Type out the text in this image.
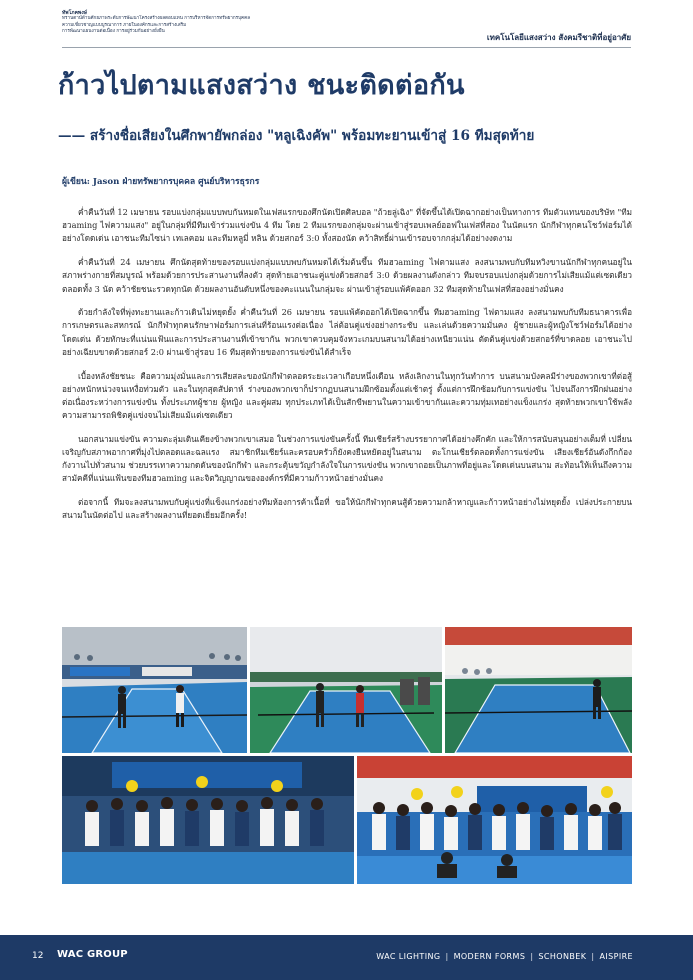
ทัพโภคพงษ์
ทรานตาน์ด้านศักยภาพระดับการพัฒนาโครงสร้างผลตอบแทน การบริหารจัดการทรัพยากรบุคคล
ความเชี่ยวชาญแบบบูรณาการ ภายในองค์กรและการสร้างเสริม
การพัฒนาแผนงานต่อเนื่อง การอยู่ร่วมกันอย่างยั่งยืน
เทคโนโลยีแสงสว่าง สังคมรีชาติที่อยู่อาศัย
ก้าวไปตามแสงสว่าง ชนะติดต่อกัน
—— สร้างชื่อเสียงในศึกพายัพกล่อง "หลูเฉิงคัพ" พร้อมทะยานเข้าสู่ 16 ทีมสุดท้าย
ผู้เขียน: Jason ฝ่ายทรัพยากรบุคคล ศูนย์บริหารธุรกร

ค่ำคืนวันที่ 12 เมษายน รอบแบ่งกลุ่มแบบพบกันหมดในเฟสแรกของศึกนัดเปิดศิลบอล "ถ้วยลู่เฉิง" ที่จัดขึ้นได้เปิดฉากอย่างเป็นทางการ ทีมตัวแทนของบริษัท "ทีมฮวaming ไฟความแสง" อยู่ในกลุ่มที่มีทีมเข้าร่วมแข่งขัน 4 ทีม โดย 2 ทีมแรกของกลุ่มจะผ่านเข้าสู่รอบเพลย์ออฟในเฟสที่สอง ในนัดแรก นักกีฬาทุกคนโชว์ฟอร์มได้อย่างโดดเด่น เอาชนะทีมไซน่า เทเลคอม และทีมหลูมี่ หลิน ด้วยสกอร์ 3:0 ทั้งสองนัด คว้าสิทธิ์ผ่านเข้ารอบจากกลุ่มได้อย่างงดงาม

ค่ำคืนวันที่ 24 เมษายน ศึกนัดสุดท้ายของรอบแบ่งกลุ่มแบบพบกันหมดได้เริ่มต้นขึ้น ทีมฮวaming ไฟตามแสง ลงสนามพบกับทีมหวิงขานนักกีฬาทุกคนอยู่ในสภาพร่างกายที่สมบูรณ์ พร้อมด้วยการประสานงานที่ลงตัว สุดท้ายเอาชนะคู่แข่งด้วยสกอร์ 3:0 ด้วยผลงานดังกล่าว ทีมจบรอบแบ่งกลุ่มด้วยการไม่เสียแม้แต่เซตเดียวตลอดทั้ง 3 นัด คว้าชัยชนะรวดทุกนัด ด้วยผลงานอันดับหนึ่งของคะแนนในกลุ่มจะ ผ่านเข้าสู่รอบแพ้คัดออก 32 ทีมสุดท้ายในเฟสที่สองอย่างมั่นคง

ด้วยกำลังใจที่พุ่งทะยานและก้าวเดินไม่หยุดยั้ง ค่ำคืนวันที่ 26 เมษายน รอบแพ้คัดออกได้เปิดฉากขึ้น ทีมฮวaming ไฟตามแสง ลงสนามพบกับทีมธนาคารเพื่อการเกษตรและสหกรณ์ นักกีฬาทุกคนรักษาฟอร์มการเล่นที่ร้อนแรงต่อเนื่อง ไล่ต้อนคู่แข่งอย่างกระชับ และเล่นด้วยความมั่นคง ผู้ชายและผู้หญิงโชว์ฟอร์มได้อย่างโดดเด่น ด้วยทักษะที่แน่นแฟ้นและการประสานงานที่เข้าขากัน พวกเขาควบคุมจังหวะเกมบนสนามได้อย่างเหนียวแน่น ตัดต้นคู่แข่งด้วยสกอร์ที่ขาดลอย เอาชนะไปอย่างเฉียบขาดด้วยสกอร์ 2:0 ผ่านเข้าสู่รอบ 16 ทีมสุดท้ายของการแข่งขันได้สำเร็จ

เบื้องหลังชัยชนะ คือความมุ่งมั่นและการเสียสละของนักกีฬาตลอดระยะเวลาเกือบหนึ่งเดือน หลังเลิกงานในทุกวันทำการ บนสนามบังคลมีร่างของพวกเขาที่ต่อสู้อย่างหนักหน่วงจนเหงื่อท่วมตัว และในทุกสุดสัปดาห์ ร่างของพวกเขาก็ปรากฏบนสนามฝึกซ้อมตั้งแต่เช้าตรู่ ตั้งแต่การฝึกซ้อมกับการแข่งขัน ไปจนถึงการฝึกฝนอย่างต่อเนื่องระหว่างการแข่งขัน ทั้งประเภทผู้ชาย ผู้หญิง และคู่ผสม ทุกประเภทได้เป็นสักขีพยานในความเข้าขากันและความทุ่มเทอย่างแข็งแกร่ง สุดท้ายพวกเขาใช้พลังความสามารถพิชิตคู่แข่งจนไม่เสียแม้แต่เซตเดียว

นอกสนามแข่งขัน ความตะลุ่มเดินเคียงข้างพวกเขาเสมอ ในช่วงการแข่งขันครั้งนี้ ทีมเชียร์สร้างบรรยากาศได้อย่างคึกคัก และให้การสนับสนุนอย่างเต็มที่ เปลี่ยนเจริญกับสภาพอากาศที่มุ่งไปตลอดและฉลแรง สมาชิกทีมเชียร์และครอบครัวก็ยังคงยืนหยัดอยู่ในสนาม ตะโกนเชียร์ตลอดทั้งการแข่งขัน เสียงเชียร์อันดังกึกก้องกังวานไปทั่วสนาม ช่วยบรรเทาความกดดันของนักกีฬา และกระตุ้นขวัญกำลังใจในการแข่งขัน พวกเขาถอยเป็นภาพที่อยู่และโดดเด่นบนสนาม สะท้อนให้เห็นถึงความสามัคคีที่แน่นแฟ้นของทีมฮวaming และจิตวิญญาณขององค์กรที่มีความก้าวหน้าอย่างมั่นคง

ต่อจากนี้ ทีมจะลงสนามพบกับคู่แข่งที่แข็งแกร่งอย่างทีมห้องการค้าเนื้อที่ ขอให้นักกีฬาทุกคนสู้ด้วยความกล้าหาญและก้าวหน้าอย่างไม่หยุดยั้ง เปล่งประกายบนสนามในนัดต่อไป และสร้างผลงานที่ยอดเยี่ยมอีกครั้ง!

12 WAC GROUP	WAC LIGHTING | MODERN FORMS | SCHONBEK | AISPIRE
